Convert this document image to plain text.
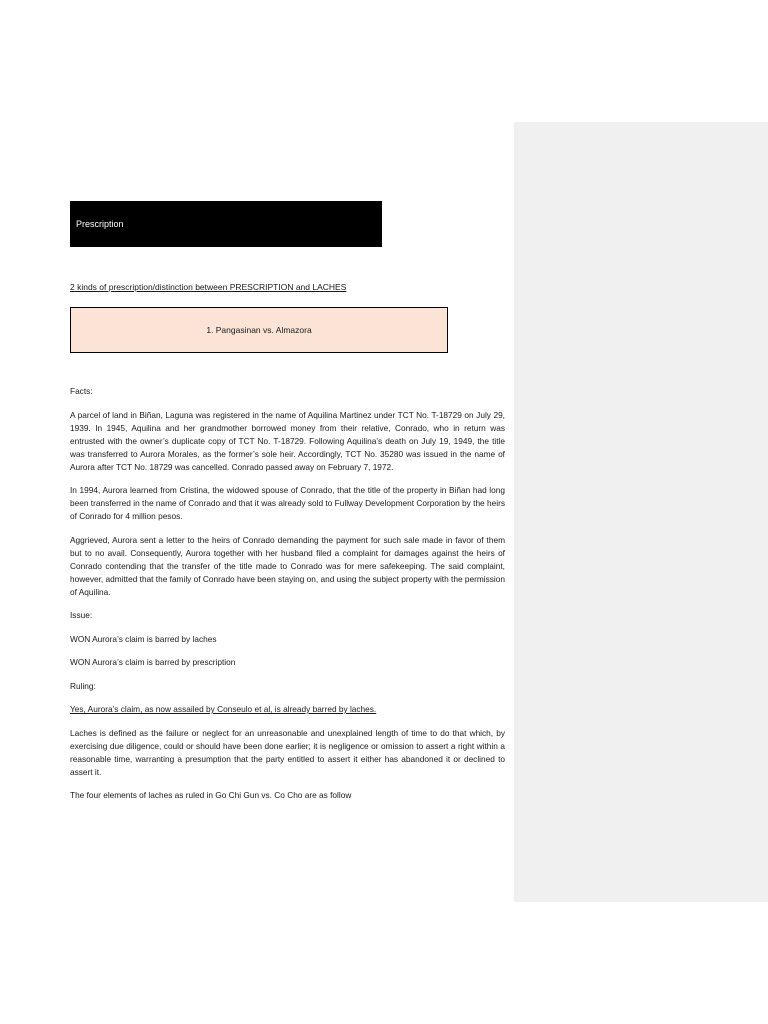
Prescription
2 kinds of prescription/distinction between PRESCRIPTION and LACHES
1. Pangasinan vs. Almazora

Facts:

A parcel of land in Biñan, Laguna was registered in the name of Aquilina Martinez under TCT No. T-18729 on July 29, 1939. In 1945, Aquilina and her grandmother borrowed money from their relative, Conrado, who in return was entrusted with the owner’s duplicate copy of TCT No. T-18729. Following Aquilina’s death on July 19, 1949, the title was transferred to Aurora Morales, as the former’s sole heir. Accordingly, TCT No. 35280 was issued in the name of Aurora after TCT No. 18729 was cancelled. Conrado passed away on February 7, 1972.

In 1994, Aurora learned from Cristina, the widowed spouse of Conrado, that the title of the property in Biñan had long been transferred in the name of Conrado and that it was already sold to Fullway Development Corporation by the heirs of Conrado for 4 million pesos.

Aggrieved, Aurora sent a letter to the heirs of Conrado demanding the payment for such sale made in favor of them but to no avail. Consequently, Aurora together with her husband filed a complaint for damages against the heirs of Conrado contending that the transfer of the title made to Conrado was for mere safekeeping. The said complaint, however, admitted that the family of Conrado have been staying on, and using the subject property with the permission of Aquilina.

Issue:

WON Aurora’s claim is barred by laches

WON Aurora’s claim is barred by prescription

Ruling:

Yes, Aurora’s claim, as now assailed by Conseulo et al, is already barred by laches.

Laches is defined as the failure or neglect for an unreasonable and unexplained length of time to do that which, by exercising due diligence, could or should have been done earlier; it is negligence or omission to assert a right within a reasonable time, warranting a presumption that the party entitled to assert it either has abandoned it or declined to assert it.

The four elements of laches as ruled in Go Chi Gun vs. Co Cho are as follow
